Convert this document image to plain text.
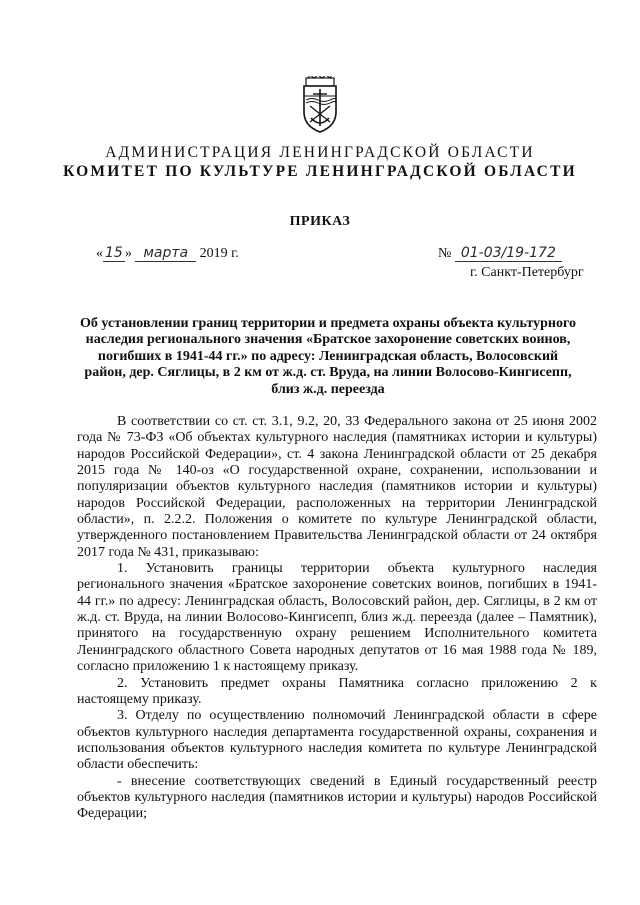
АДМИНИСТРАЦИЯ ЛЕНИНГРАДСКОЙ ОБЛАСТИ
КОМИТЕТ ПО КУЛЬТУРЕ ЛЕНИНГРАДСКОЙ ОБЛАСТИ
ПРИКАЗ
« 15 » марта 2019 г.	№ 01-03/19-172
г. Санкт-Петербург
Об установлении границ территории и предмета охраны объекта культурного наследия регионального значения «Братское захоронение советских воинов, погибших в 1941-44 гг.» по адресу: Ленинградская область, Волосовский район, дер. Сяглицы, в 2 км от ж.д. ст. Вруда, на линии Волосово-Кингисепп, близ ж.д. переезда

В соответствии со ст. ст. 3.1, 9.2, 20, 33 Федерального закона от 25 июня 2002 года № 73-ФЗ «Об объектах культурного наследия (памятниках истории и культуры) народов Российской Федерации», ст. 4 закона Ленинградской области от 25 декабря 2015 года № 140-оз «О государственной охране, сохранении, использовании и популяризации объектов культурного наследия (памятников истории и культуры) народов Российской Федерации, расположенных на территории Ленинградской области», п. 2.2.2. Положения о комитете по культуре Ленинградской области, утвержденного постановлением Правительства Ленинградской области от 24 октября 2017 года № 431, приказываю:

1. Установить границы территории объекта культурного наследия регионального значения «Братское захоронение советских воинов, погибших в 1941-44 гг.» по адресу: Ленинградская область, Волосовский район, дер. Сяглицы, в 2 км от ж.д. ст. Вруда, на линии Волосово-Кингисепп, близ ж.д. переезда (далее – Памятник), принятого на государственную охрану решением Исполнительного комитета Ленинградского областного Совета народных депутатов от 16 мая 1988 года № 189, согласно приложению 1 к настоящему приказу.

2. Установить предмет охраны Памятника согласно приложению 2 к настоящему приказу.

3. Отделу по осуществлению полномочий Ленинградской области в сфере объектов культурного наследия департамента государственной охраны, сохранения и использования объектов культурного наследия комитета по культуре Ленинградской области обеспечить:

- внесение соответствующих сведений в Единый государственный реестр объектов культурного наследия (памятников истории и культуры) народов Российской Федерации;
